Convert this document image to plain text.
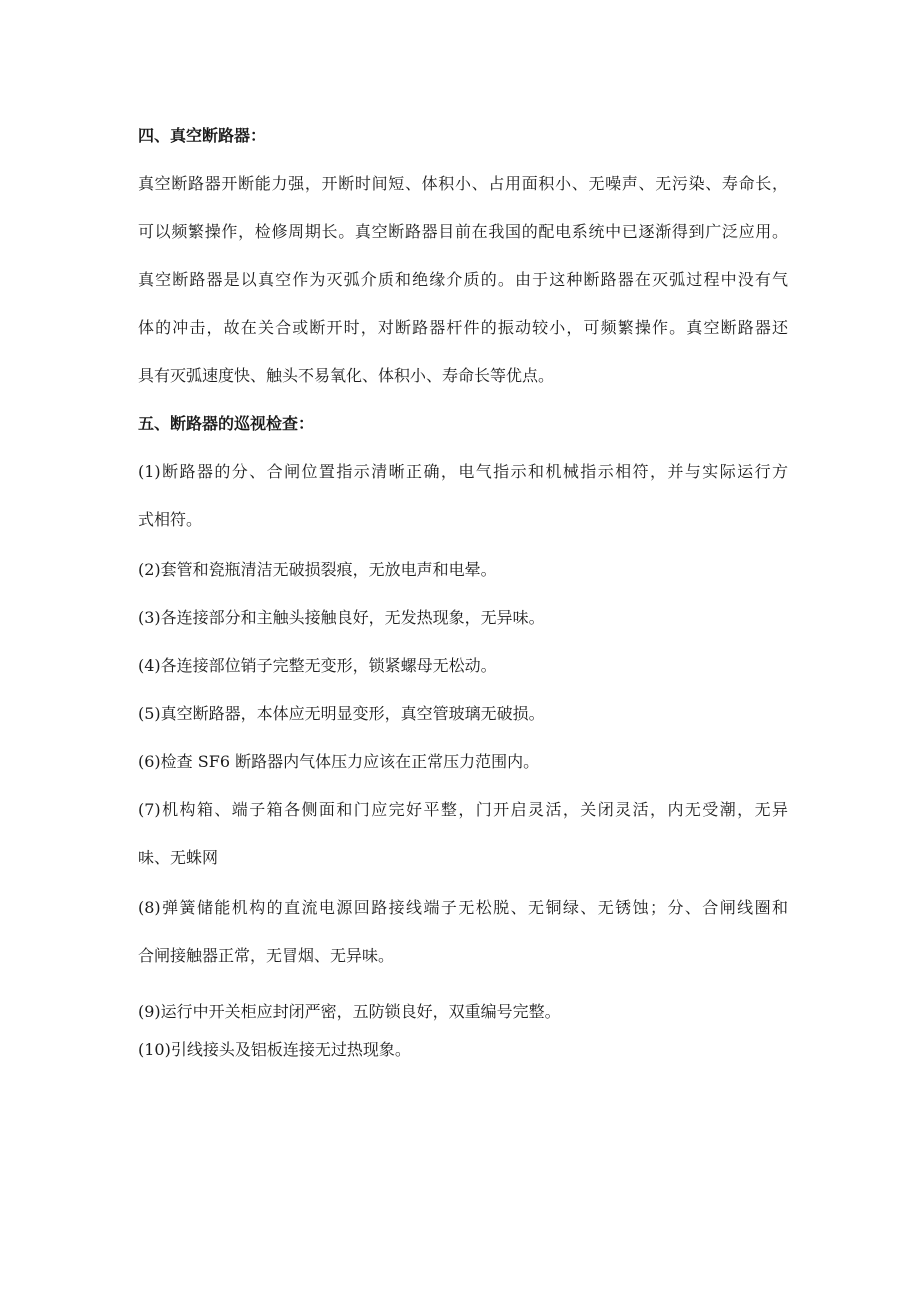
四、真空断路器：
真空断路器开断能力强，开断时间短、体积小、占用面积小、无噪声、无污染、寿命长，
可以频繁操作，检修周期长。真空断路器目前在我国的配电系统中已逐渐得到广泛应用。
真空断路器是以真空作为灭弧介质和绝缘介质的。由于这种断路器在灭弧过程中没有气
体的冲击，故在关合或断开时，对断路器杆件的振动较小，可频繁操作。真空断路器还
具有灭弧速度快、触头不易氧化、体积小、寿命长等优点。
五、断路器的巡视检查：
(1)断路器的分、合闸位置指示清晰正确，电气指示和机械指示相符，并与实际运行方
式相符。
(2)套管和瓷瓶清洁无破损裂痕，无放电声和电晕。
(3)各连接部分和主触头接触良好，无发热现象，无异味。
(4)各连接部位销子完整无变形，锁紧螺母无松动。
(5)真空断路器，本体应无明显变形，真空管玻璃无破损。
(6)检查 SF6 断路器内气体压力应该在正常压力范围内。
(7)机构箱、端子箱各侧面和门应完好平整，门开启灵活，关闭灵活，内无受潮，无异
味、无蛛网
(8)弹簧储能机构的直流电源回路接线端子无松脱、无铜绿、无锈蚀；分、合闸线圈和
合闸接触器正常，无冒烟、无异味。
(9)运行中开关柜应封闭严密，五防锁良好，双重编号完整。
(10)引线接头及铝板连接无过热现象。
